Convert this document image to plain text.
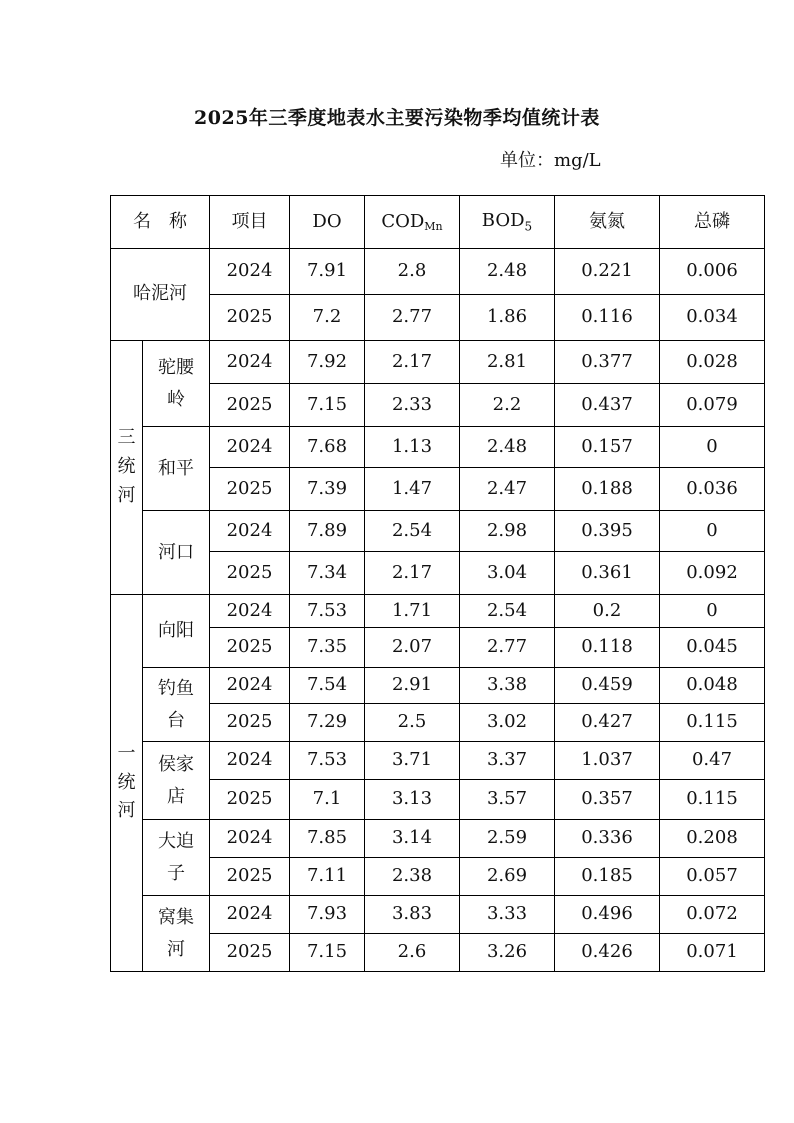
2025年三季度地表水主要污染物季均值统计表
单位：mg/L
名　称		项目	DO	$COD_{Mn}$	$BOD_5$	氨氮	总磷
哈泥河		2024	7.91	2.8	2.48	0.221	0.006
		2025	7.2	2.77	1.86	0.116	0.034
三统河	驼腰岭	2024	7.92	2.17	2.81	0.377	0.028
		2025	7.15	2.33	2.2	0.437	0.079
	和平	2024	7.68	1.13	2.48	0.157	0
		2025	7.39	1.47	2.47	0.188	0.036
	河口	2024	7.89	2.54	2.98	0.395	0
		2025	7.34	2.17	3.04	0.361	0.092
一统河	向阳	2024	7.53	1.71	2.54	0.2	0
		2025	7.35	2.07	2.77	0.118	0.045
	钓鱼台	2024	7.54	2.91	3.38	0.459	0.048
		2025	7.29	2.5	3.02	0.427	0.115
	侯家店	2024	7.53	3.71	3.37	1.037	0.47
		2025	7.1	3.13	3.57	0.357	0.115
	大迫子	2024	7.85	3.14	2.59	0.336	0.208
		2025	7.11	2.38	2.69	0.185	0.057
	窝集河	2024	7.93	3.83	3.33	0.496	0.072
		2025	7.15	2.6	3.26	0.426	0.071
